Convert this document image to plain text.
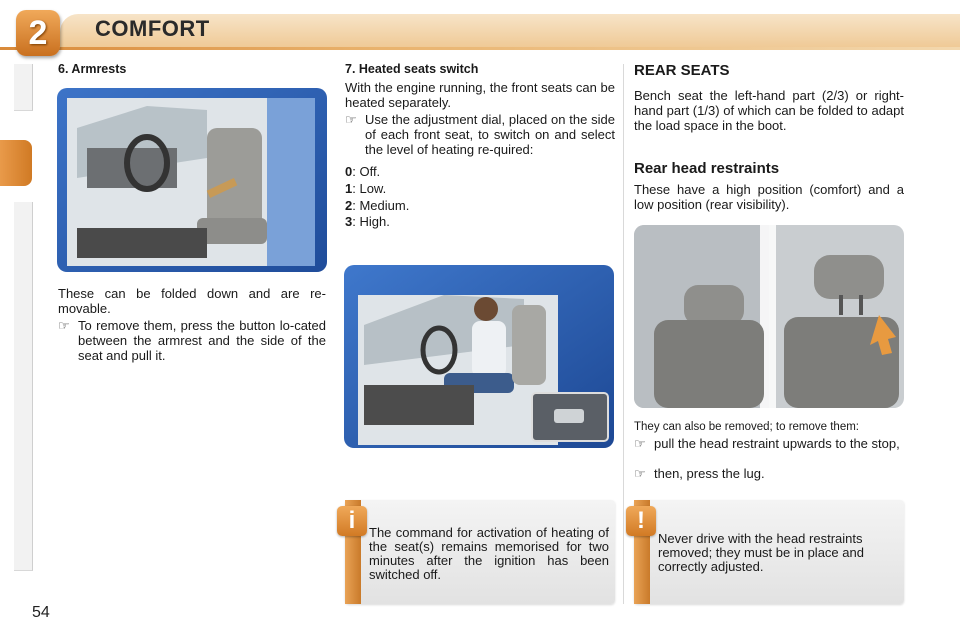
2	COMFORT
6. Armrests
These can be folded down and are re-movable.
☞ To remove them, press the button lo-cated between the armrest and the side of the seat and pull it.
7. Heated seats switch
With the engine running, the front seats can be heated separately.
☞ Use the adjustment dial, placed on the side of each front seat, to switch on and select the level of heating re-quired:
0: Off.
1: Low.
2: Medium.
3: High.
i	The command for activation of heating of the seat(s) remains memorised for two minutes after the ignition has been switched off.
REAR SEATS
Bench seat the left-hand part (2/3) or right-hand part (1/3) of which can be folded to adapt the load space in the boot.
Rear head restraints
These have a high position (comfort) and a low position (rear visibility).
They can also be removed; to remove them:
☞ pull the head restraint upwards to the stop,
☞ then, press the lug.
!
Never drive with the head restraints removed; they must be in place and correctly adjusted.
54
